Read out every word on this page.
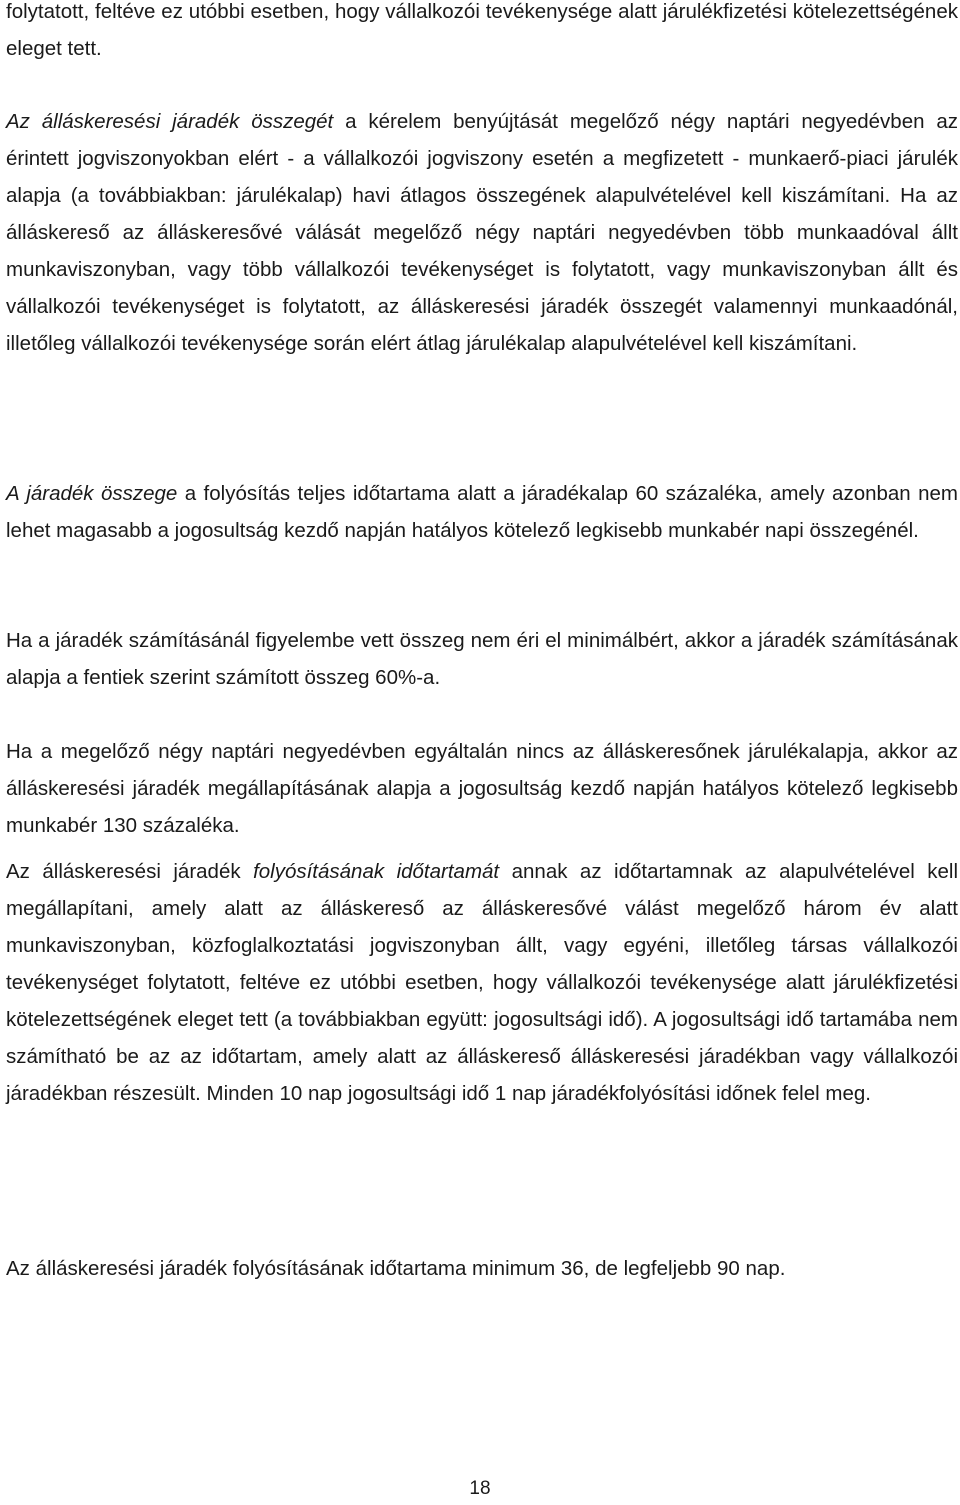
folytatott, feltéve ez utóbbi esetben, hogy vállalkozói tevékenysége alatt járulékfizetési kötelezettségének eleget tett.

Az álláskeresési járadék összegét a kérelem benyújtását megelőző négy naptári negyedévben az érintett jogviszonyokban elért - a vállalkozói jogviszony esetén a megfizetett - munkaerő-piaci járulék alapja (a továbbiakban: járulékalap) havi átlagos összegének alapulvételével kell kiszámítani. Ha az álláskereső az álláskeresővé válását megelőző négy naptári negyedévben több munkaadóval állt munkaviszonyban, vagy több vállalkozói tevékenységet is folytatott, vagy munkaviszonyban állt és vállalkozói tevékenységet is folytatott, az álláskeresési járadék összegét valamennyi munkaadónál, illetőleg vállalkozói tevékenysége során elért átlag járulékalap alapulvételével kell kiszámítani.

A járadék összege a folyósítás teljes időtartama alatt a járadékalap 60 százaléka, amely azonban nem lehet magasabb a jogosultság kezdő napján hatályos kötelező legkisebb munkabér napi összegénél.

Ha a járadék számításánál figyelembe vett összeg nem éri el minimálbért, akkor a járadék számításának alapja a fentiek szerint számított összeg 60%-a.

Ha a megelőző négy naptári negyedévben egyáltalán nincs az álláskeresőnek járulékalapja, akkor az álláskeresési járadék megállapításának alapja a jogosultság kezdő napján hatályos kötelező legkisebb munkabér 130 százaléka.

Az álláskeresési járadék folyósításának időtartamát annak az időtartamnak az alapulvételével kell megállapítani, amely alatt az álláskereső az álláskeresővé válást megelőző három év alatt munkaviszonyban, közfoglalkoztatási jogviszonyban állt, vagy egyéni, illetőleg társas vállalkozói tevékenységet folytatott, feltéve ez utóbbi esetben, hogy vállalkozói tevékenysége alatt járulékfizetési kötelezettségének eleget tett (a továbbiakban együtt: jogosultsági idő). A jogosultsági idő tartamába nem számítható be az az időtartam, amely alatt az álláskereső álláskeresési járadékban vagy vállalkozói járadékban részesült. Minden 10 nap jogosultsági idő 1 nap járadékfolyósítási időnek felel meg.

Az álláskeresési járadék folyósításának időtartama minimum 36, de legfeljebb 90 nap.

18
